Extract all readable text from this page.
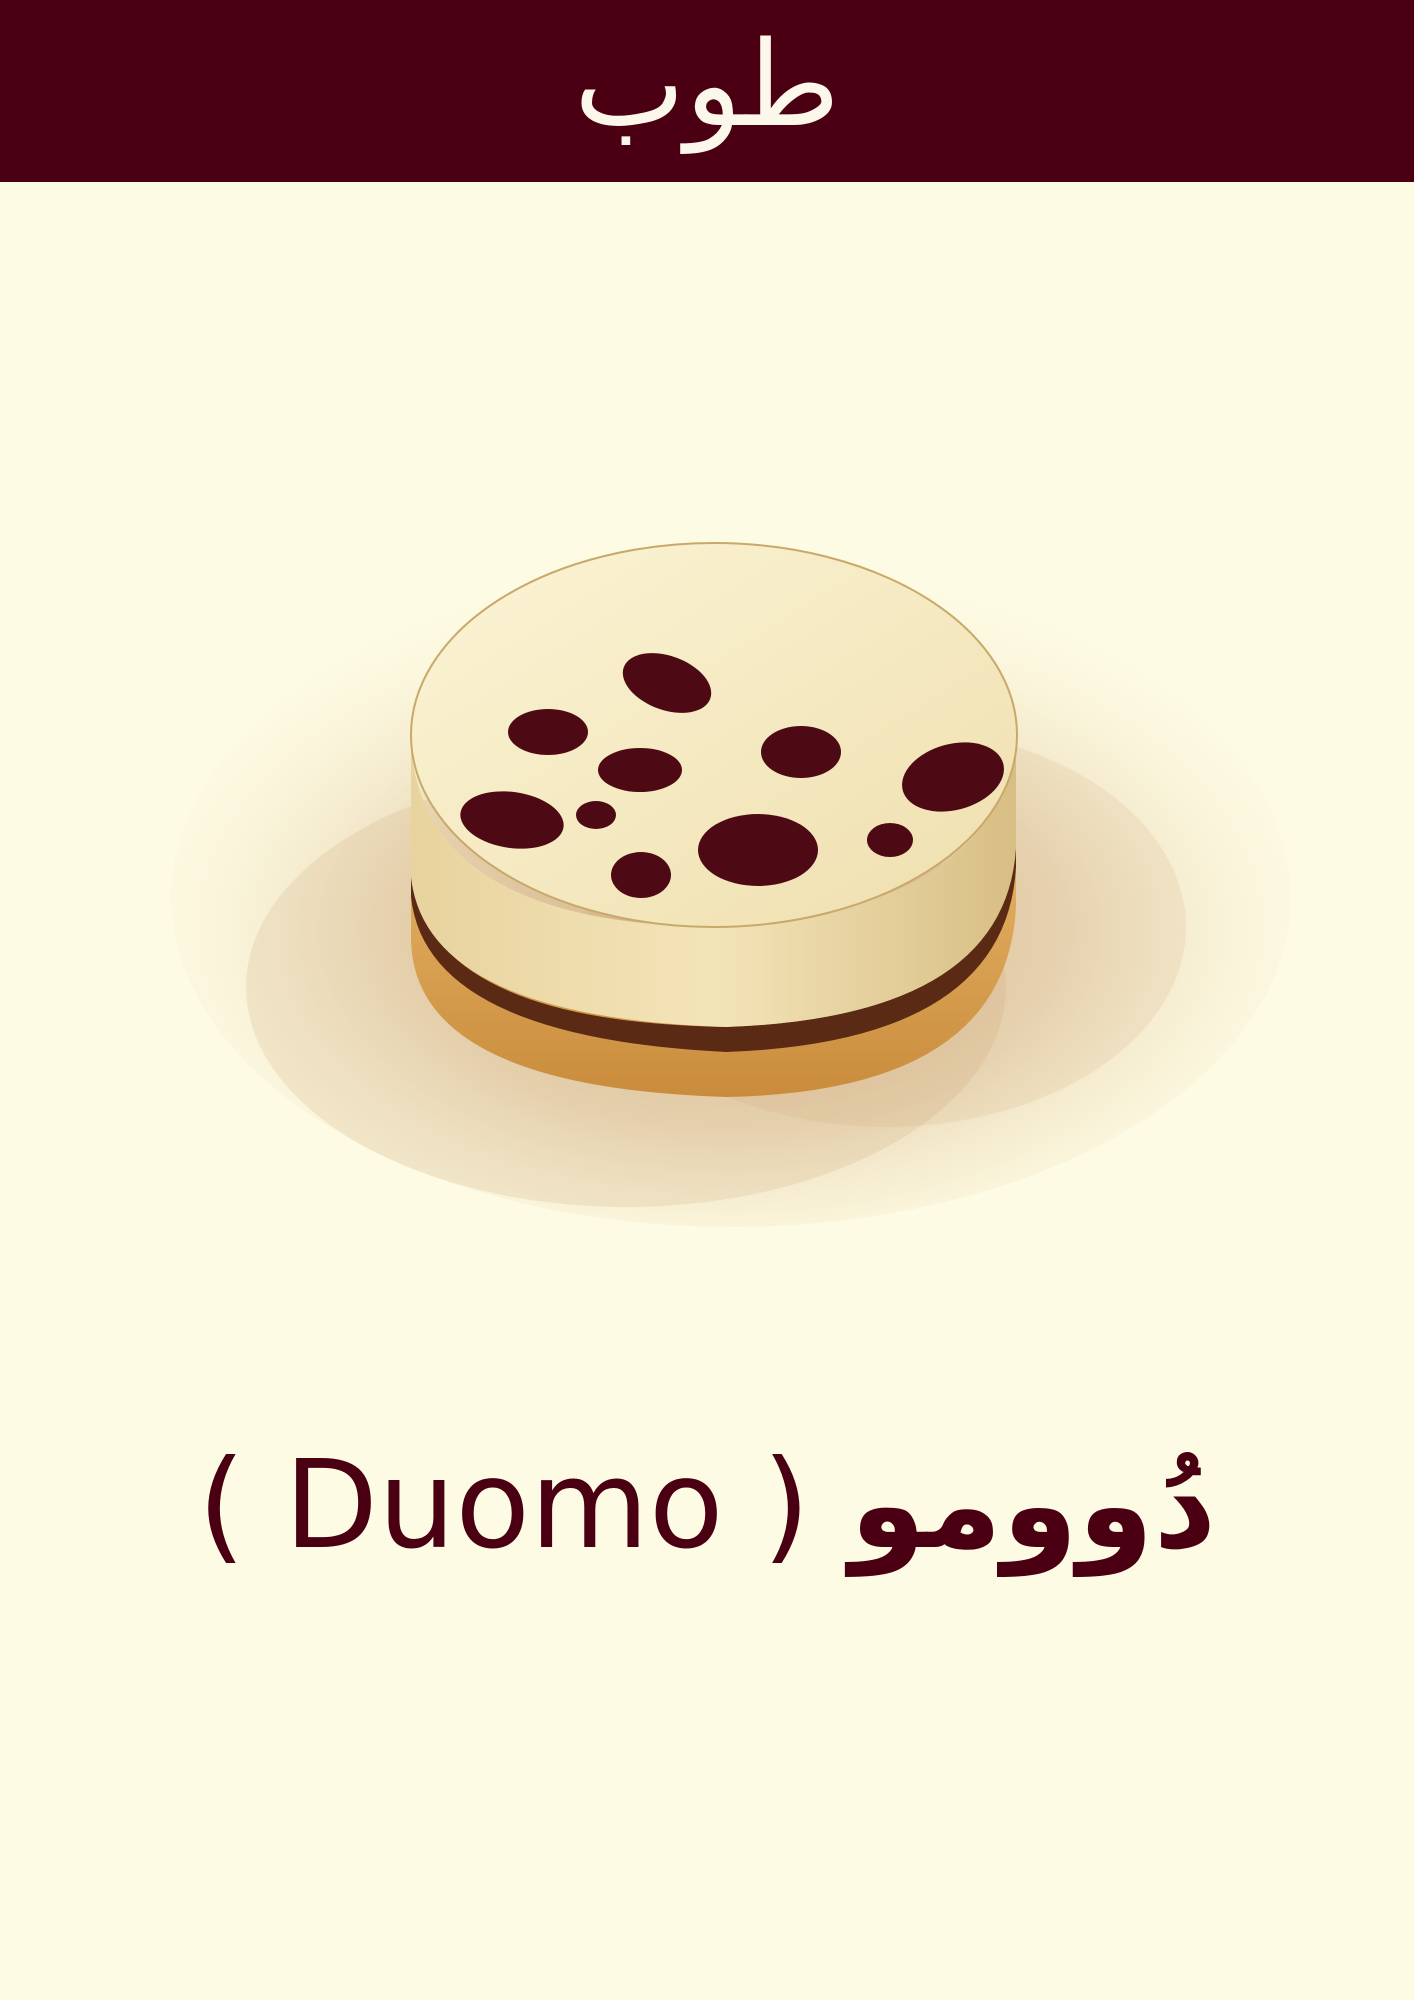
طوب
( Duomo ) دُوومو
